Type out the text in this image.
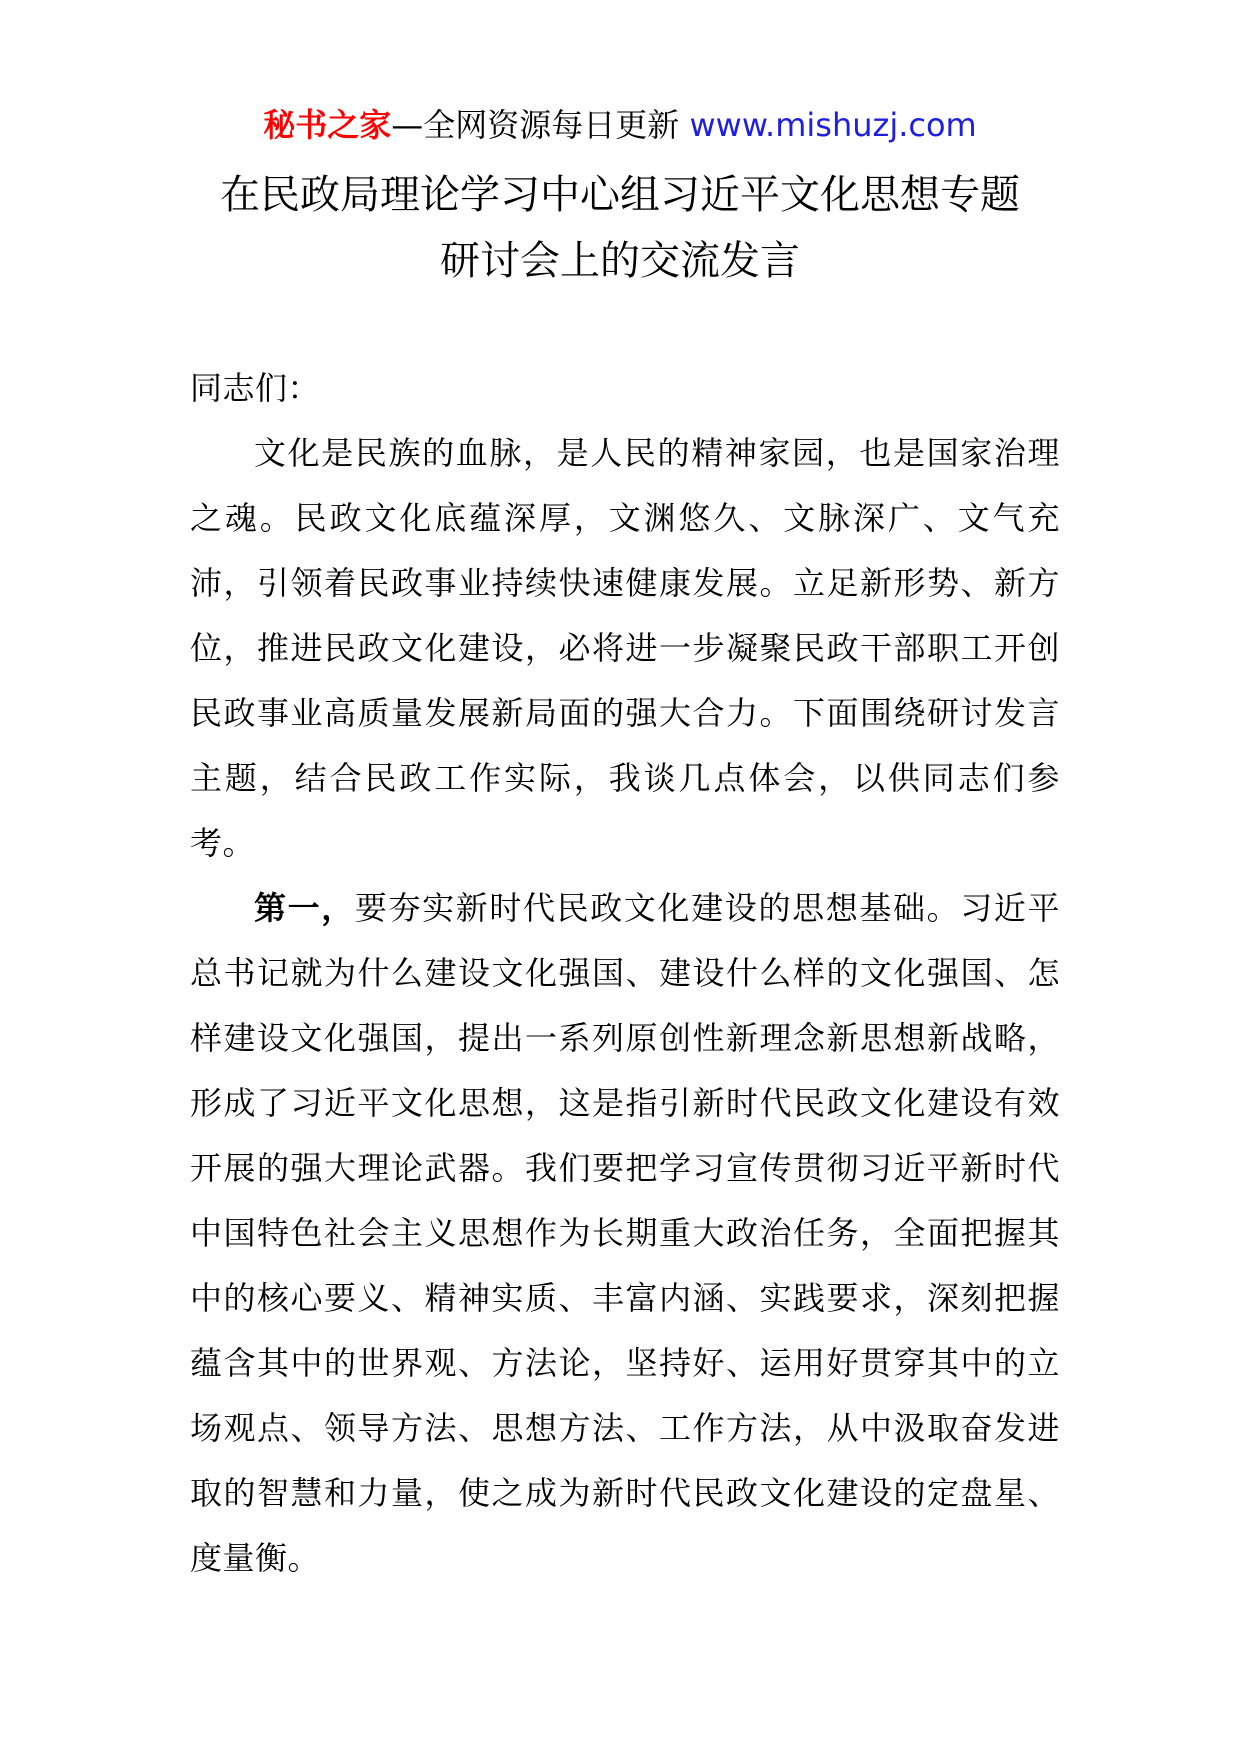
秘书之家—全网资源每日更新 www.mishuzj.com
在民政局理论学习中心组习近平文化思想专题
研讨会上的交流发言

同志们：

文化是民族的血脉，是人民的精神家园，也是国家治理之魂。民政文化底蕴深厚，文渊悠久、文脉深广、文气充沛，引领着民政事业持续快速健康发展。立足新形势、新方位，推进民政文化建设，必将进一步凝聚民政干部职工开创民政事业高质量发展新局面的强大合力。下面围绕研讨发言主题，结合民政工作实际，我谈几点体会，以供同志们参考。

第一，要夯实新时代民政文化建设的思想基础。习近平总书记就为什么建设文化强国、建设什么样的文化强国、怎样建设文化强国，提出一系列原创性新理念新思想新战略，形成了习近平文化思想，这是指引新时代民政文化建设有效开展的强大理论武器。我们要把学习宣传贯彻习近平新时代中国特色社会主义思想作为长期重大政治任务，全面把握其中的核心要义、精神实质、丰富内涵、实践要求，深刻把握蕴含其中的世界观、方法论，坚持好、运用好贯穿其中的立场观点、领导方法、思想方法、工作方法，从中汲取奋发进取的智慧和力量，使之成为新时代民政文化建设的定盘星、度量衡。
